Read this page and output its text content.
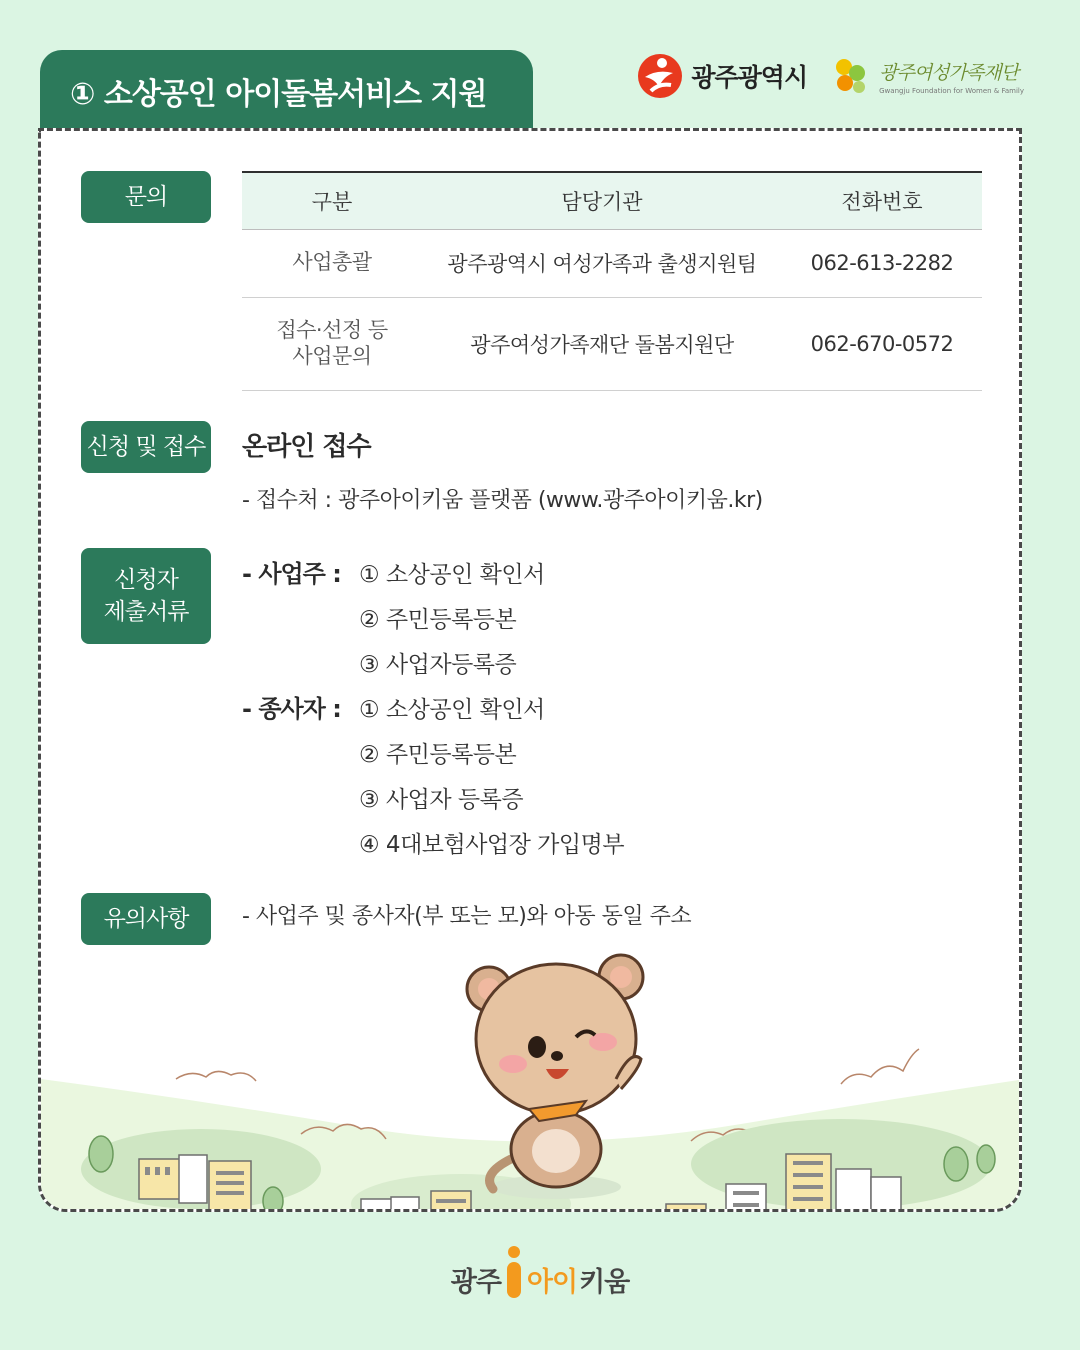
① 소상공인 아이돌봄서비스 지원	광주광역시	광주여성가족재단
Gwangju Foundation for Women & Family
문의	구분	담당기관	전화번호
사업총괄	광주광역시 여성가족과 출생지원팀	062-613-2282

접수·선정 등
사업문의	광주여성가족재단 돌봄지원단	062-670-0572
신청 및 접수 온라인 접수
- 접수처 : 광주아이키움 플랫폼 (www.광주아이키움.kr)
신청자
제출서류
- 사업주 : ① 소상공인 확인서
② 주민등록등본
③ 사업자등록증
- 종사자 : ① 소상공인 확인서
② 주민등록등본
③ 사업자 등록증
④ 4대보험사업장 가입명부
유의사항	- 사업주 및 종사자(부 또는 모)와 아동 동일 주소
광주 아이 키움
